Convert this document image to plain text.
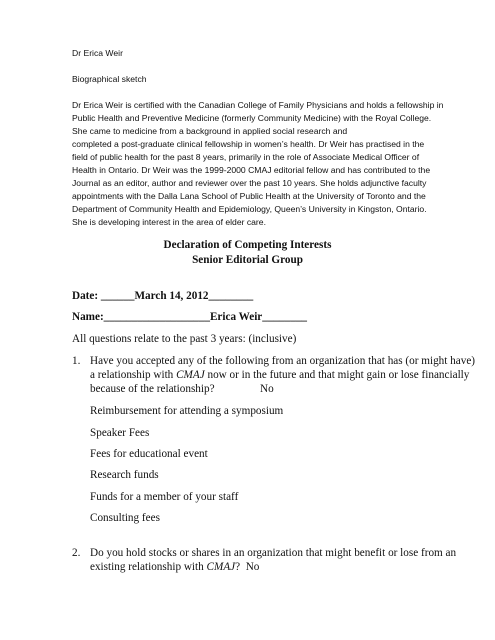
Dr Erica Weir
Biographical sketch
Dr Erica Weir is certified with the Canadian College of Family Physicians and holds a fellowship in
Public Health and Preventive Medicine (formerly Community Medicine) with the Royal College.
She came to medicine from a background in applied social research and
completed a post-graduate clinical fellowship in women’s health. Dr Weir has practised in the
field of public health for the past 8 years, primarily in the role of Associate Medical Officer of
Health in Ontario. Dr Weir was the 1999-2000 CMAJ editorial fellow and has contributed to the
Journal as an editor, author and reviewer over the past 10 years. She holds adjunctive faculty
appointments with the Dalla Lana School of Public Health at the University of Toronto and the
Department of Community Health and Epidemiology, Queen’s University in Kingston, Ontario.
She is developing interest in the area of elder care.
Declaration of Competing Interests
Senior Editorial Group
Date: ______March 14, 2012________
Name:___________________Erica Weir________
All questions relate to the past 3 years: (inclusive)
1. Have you accepted any of the following from an organization that has (or might have)
a relationship with CMAJ now or in the future and that might gain or lose financially
because of the relationship?	No
Reimbursement for attending a symposium
Speaker Fees
Fees for educational event
Research funds
Funds for a member of your staff
Consulting fees
2. Do you hold stocks or shares in an organization that might benefit or lose from an
existing relationship with CMAJ? No
